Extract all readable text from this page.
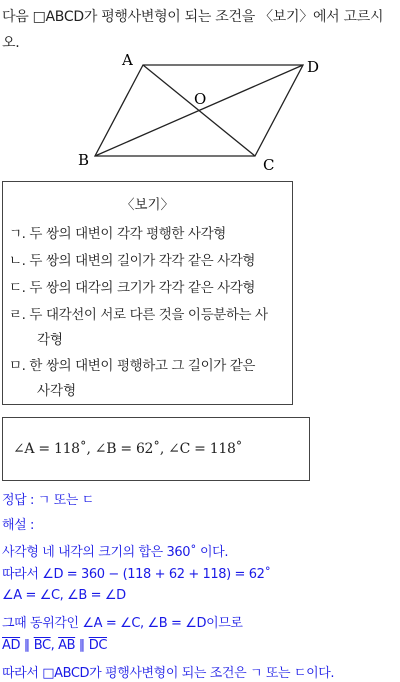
다음 □ABCD가 평행사변형이 되는 조건을 〈보기〉에서 고르시
오.
A	D
O
B	C
〈보기〉
ㄱ. 두 쌍의 대변이 각각 평행한 사각형
ㄴ. 두 쌍의 대변의 길이가 각각 같은 사각형
ㄷ. 두 쌍의 대각의 크기가 각각 같은 사각형
ㄹ. 두 대각선이 서로 다른 것을 이등분하는 사
각형
ㅁ. 한 쌍의 대변이 평행하고 그 길이가 같은
사각형
∠A = 118˚, ∠B = 62˚, ∠C = 118˚
정답 : ㄱ 또는 ㄷ
해설 :
사각형 네 내각의 크기의 합은 360˚ 이다.
따라서 ∠D = 360 − (118 + 62 + 118) = 62˚
∠A = ∠C, ∠B = ∠D
그때 동위각인 ∠A = ∠C, ∠B = ∠D이므로
$\overline{AD}$ ∥ $\overline{BC}$, $\overline{AB}$ ∥ $\overline{DC}$
따라서 □ABCD가 평행사변형이 되는 조건은 ㄱ 또는 ㄷ이다.
